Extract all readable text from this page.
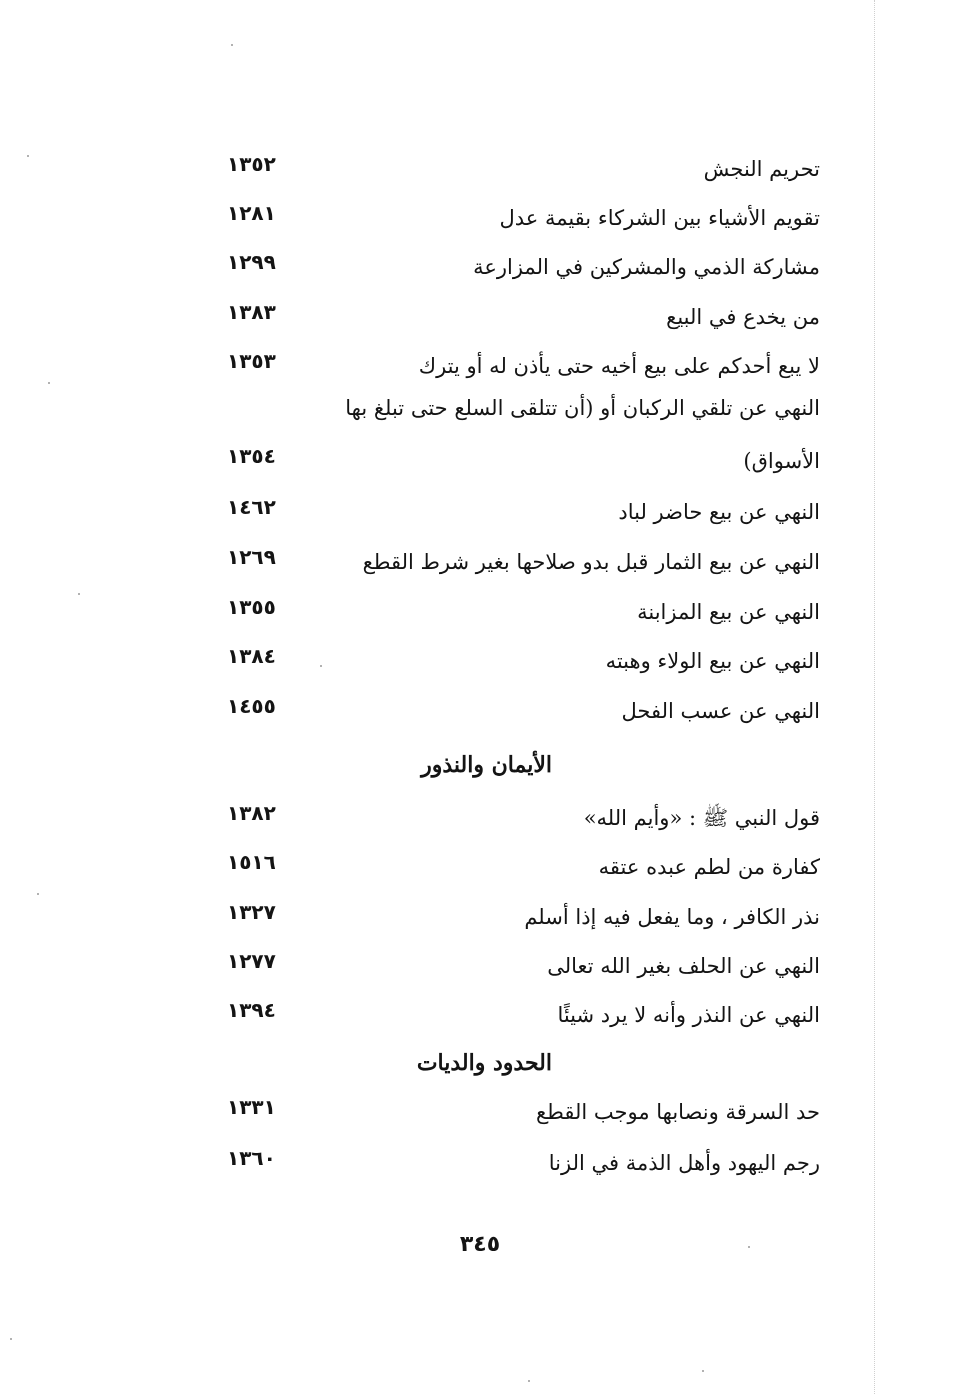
١٣٥٢	تحريم النجش
١٢٨١	تقويم الأشياء بين الشركاء بقيمة عدل
١٢٩٩	مشاركة الذمي والمشركين في المزارعة
١٣٨٣	من يخدع في البيع
١٣٥٣	لا يبع أحدكم على بيع أخيه حتى يأذن له أو يترك
النهي عن تلقي الركبان أو (أن تتلقى السلع حتى تبلغ بها
١٣٥٤	الأسواق)
١٤٦٢	النهي عن بيع حاضر لباد
١٢٦٩	النهي عن بيع الثمار قبل بدو صلاحها بغير شرط القطع
١٣٥٥	النهي عن بيع المزابنة
١٣٨٤	النهي عن بيع الولاء وهبته
١٤٥٥	النهي عن عسب الفحل
الأيمان والنذور
١٣٨٢	قول النبي ﷺ : «وأيم الله»
١٥١٦	كفارة من لطم عبده عتقه
١٣٢٧	نذر الكافر ، وما يفعل فيه إذا أسلم
١٢٧٧	النهي عن الحلف بغير الله تعالى
١٣٩٤	النهي عن النذر وأنه لا يرد شيئًا
الحدود والديات
١٣٣١	حد السرقة ونصابها موجب القطع
١٣٦٠	رجم اليهود وأهل الذمة في الزنا
٣٤٥
